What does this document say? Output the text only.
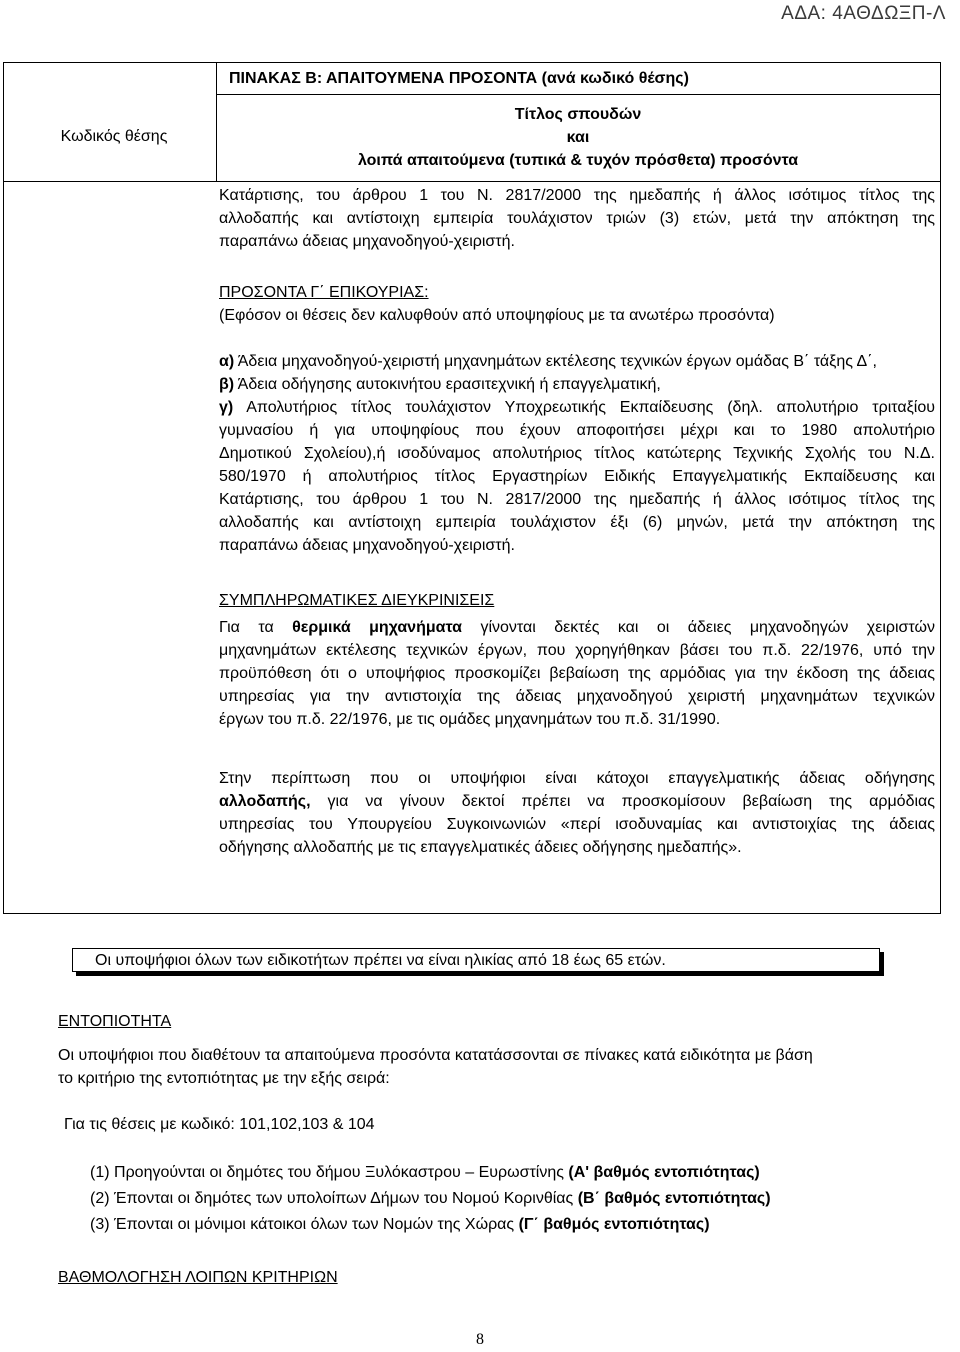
ΑΔΑ: 4ΑΘΔΩΞΠ-Λ
ΠΙΝΑΚΑΣ Β: ΑΠΑΙΤΟΥΜΕΝΑ ΠΡΟΣΟΝΤΑ (ανά κωδικό θέσης)
Κωδικός θέσης
Τίτλος σπουδών
και
λοιπά απαιτούμενα (τυπικά & τυχόν πρόσθετα) προσόντα

Κατάρτισης, του άρθρου 1 του Ν. 2817/2000 της ημεδαπής ή άλλος ισότιμος τίτλος της

αλλοδαπής και αντίστοιχη εμπειρία τουλάχιστον τριών (3) ετών, μετά την απόκτηση της

παραπάνω άδειας μηχανοδηγού-χειριστή.

ΠΡΟΣΟΝΤΑ Γ΄ ΕΠΙΚΟΥΡΙΑΣ:

(Εφόσον οι θέσεις δεν καλυφθούν από υποψηφίους με τα ανωτέρω προσόντα)

α) Άδεια μηχανοδηγού-χειριστή μηχανημάτων εκτέλεσης τεχνικών έργων ομάδας Β΄ τάξης Δ΄,

β) Άδεια οδήγησης αυτοκινήτου ερασιτεχνική ή επαγγελματική,

γ) Απολυτήριος τίτλος τουλάχιστον Υποχρεωτικής Εκπαίδευσης (δηλ. απολυτήριο τριταξίου

γυμνασίου ή για υποψηφίους που έχουν αποφοιτήσει μέχρι και το 1980 απολυτήριο

Δημοτικού Σχολείου),ή ισοδύναμος απολυτήριος τίτλος κατώτερης Τεχνικής Σχολής του Ν.Δ.

580/1970 ή απολυτήριος τίτλος Εργαστηρίων Ειδικής Επαγγελματικής Εκπαίδευσης και

Κατάρτισης, του άρθρου 1 του Ν. 2817/2000 της ημεδαπής ή άλλος ισότιμος τίτλος της

αλλοδαπής και αντίστοιχη εμπειρία τουλάχιστον έξι (6) μηνών, μετά την απόκτηση της

παραπάνω άδειας μηχανοδηγού-χειριστή.

ΣΥΜΠΛΗΡΩΜΑΤΙΚΕΣ ΔΙΕΥΚΡΙΝΙΣΕΙΣ

Για τα θερμικά μηχανήματα γίνονται δεκτές και οι άδειες μηχανοδηγών χειριστών

μηχανημάτων εκτέλεσης τεχνικών έργων, που χορηγήθηκαν βάσει του π.δ. 22/1976, υπό την

προϋπόθεση ότι ο υποψήφιος προσκομίζει βεβαίωση της αρμόδιας για την έκδοση της άδειας

υπηρεσίας για την αντιστοιχία της άδειας μηχανοδηγού χειριστή μηχανημάτων τεχνικών

έργων του π.δ. 22/1976, με τις ομάδες μηχανημάτων του π.δ. 31/1990.

Στην περίπτωση που οι υποψήφιοι είναι κάτοχοι επαγγελματικής άδειας οδήγησης

αλλοδαπής, για να γίνουν δεκτοί πρέπει να προσκομίσουν βεβαίωση της αρμόδιας

υπηρεσίας του Υπουργείου Συγκοινωνιών «περί ισοδυναμίας και αντιστοιχίας της άδειας

οδήγησης αλλοδαπής με τις επαγγελματικές άδειες οδήγησης ημεδαπής».

Οι υποψήφιοι όλων των ειδικοτήτων πρέπει να είναι ηλικίας από 18 έως 65 ετών.

ΕΝΤΟΠΙΟΤΗΤΑ

Οι υποψήφιοι που διαθέτουν τα απαιτούμενα προσόντα κατατάσσονται σε πίνακες κατά ειδικότητα με βάση

το κριτήριο της εντοπιότητας με την εξής σειρά:

Για τις θέσεις με κωδικό: 101,102,103 & 104

(1) Προηγούνται οι δημότες του δήμου Ξυλόκαστρου – Ευρωστίνης (Α' βαθμός εντοπιότητας)

(2) Έπονται οι δημότες των υπολοίπων Δήμων του Νομού Κορινθίας (Β΄ βαθμός εντοπιότητας)

(3) Έπονται οι μόνιμοι κάτοικοι όλων των Νομών της Χώρας (Γ΄ βαθμός εντοπιότητας)

ΒΑΘΜΟΛΟΓΗΣΗ ΛΟΙΠΩΝ ΚΡΙΤΗΡΙΩΝ
8
